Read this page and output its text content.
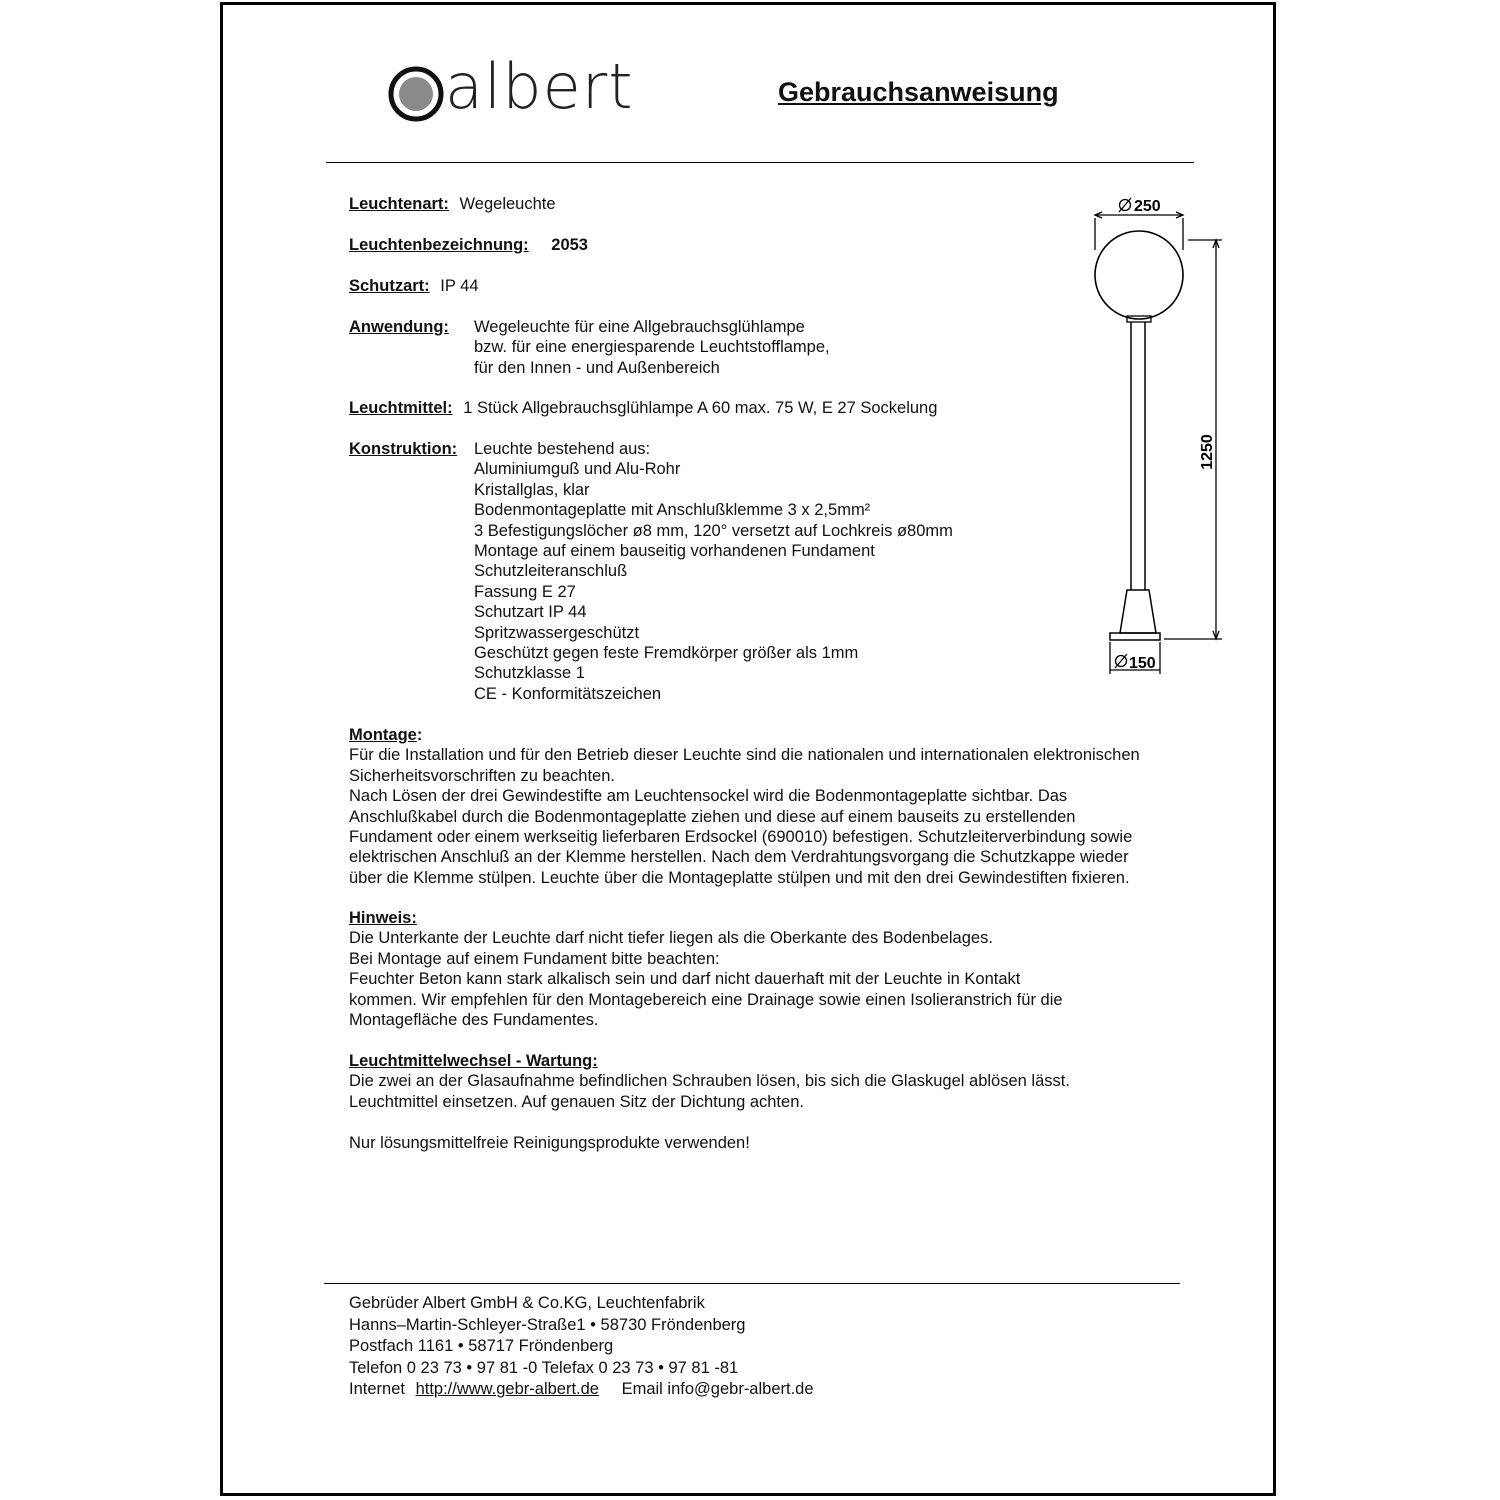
albert	Gebrauchsanweisung
Leuchtenart: Wegeleuchte
Leuchtenbezeichnung: 2053
Schutzart: IP 44
Anwendung: Wegeleuchte für eine Allgebrauchsglühlampe
bzw. für eine energiesparende Leuchtstofflampe,
für den Innen - und Außenbereich
Leuchtmittel: 1 Stück Allgebrauchsglühlampe A 60 max. 75 W, E 27 Sockelung
Konstruktion: Leuchte bestehend aus:
Aluminiumguß und Alu-Rohr
Kristallglas, klar
Bodenmontageplatte mit Anschlußklemme 3 x 2,5mm²
3 Befestigungslöcher ø8 mm, 120° versetzt auf Lochkreis ø80mm
Montage auf einem bauseitig vorhandenen Fundament
Schutzleiteranschluß
Fassung E 27
Schutzart IP 44
Spritzwassergeschützt
Geschützt gegen feste Fremdkörper größer als 1mm
Schutzklasse 1
CE - Konformitätszeichen
250
1250
150
Montage:
Für die Installation und für den Betrieb dieser Leuchte sind die nationalen und internationalen elektronischen
Sicherheitsvorschriften zu beachten.
Nach Lösen der drei Gewindestifte am Leuchtensockel wird die Bodenmontageplatte sichtbar. Das
Anschlußkabel durch die Bodenmontageplatte ziehen und diese auf einem bauseits zu erstellenden
Fundament oder einem werkseitig lieferbaren Erdsockel (690010) befestigen. Schutzleiterverbindung sowie
elektrischen Anschluß an der Klemme herstellen. Nach dem Verdrahtungsvorgang die Schutzkappe wieder
über die Klemme stülpen. Leuchte über die Montageplatte stülpen und mit den drei Gewindestiften fixieren.
Hinweis:
Die Unterkante der Leuchte darf nicht tiefer liegen als die Oberkante des Bodenbelages.
Bei Montage auf einem Fundament bitte beachten:
Feuchter Beton kann stark alkalisch sein und darf nicht dauerhaft mit der Leuchte in Kontakt
kommen. Wir empfehlen für den Montagebereich eine Drainage sowie einen Isolieranstrich für die
Montagefläche des Fundamentes.
Leuchtmittelwechsel - Wartung:
Die zwei an der Glasaufnahme befindlichen Schrauben lösen, bis sich die Glaskugel ablösen lässt.
Leuchtmittel einsetzen. Auf genauen Sitz der Dichtung achten.
Nur lösungsmittelfreie Reinigungsprodukte verwenden!
Gebrüder Albert GmbH & Co.KG, Leuchtenfabrik
Hanns–Martin-Schleyer-Straße1 • 58730 Fröndenberg
Postfach 1161 • 58717 Fröndenberg
Telefon 0 23 73 • 97 81 -0 Telefax 0 23 73 • 97 81 -81
Internet http://www.gebr-albert.de Email info@gebr-albert.de
